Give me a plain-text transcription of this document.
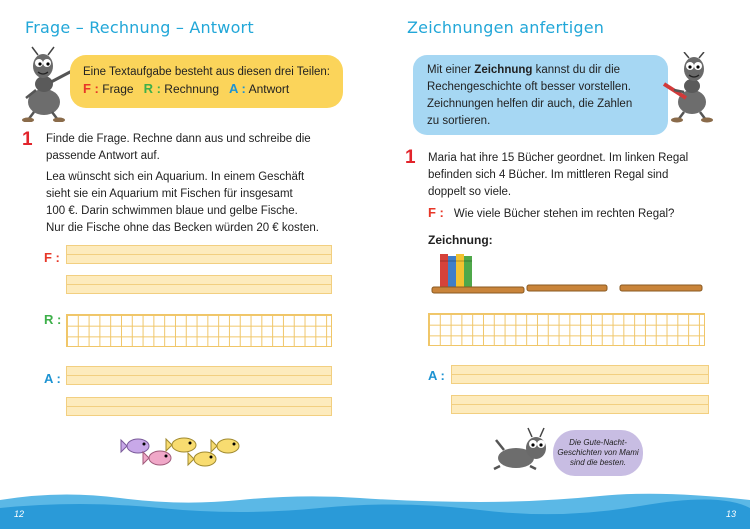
Frage – Rechnung – Antwort
Eine Textaufgabe besteht aus diesen drei Teilen:
F : Frage R : Rechnung A : Antwort
1 Finde die Frage. Rechne dann aus und schreibe die
passende Antwort auf.
Lea wünscht sich ein Aquarium. In einem Geschäft
sieht sie ein Aquarium mit Fischen für insgesamt
100 €. Darin schwimmen blaue und gelbe Fische.
Nur die Fische ohne das Becken würden 20 € kosten.
F :
R :
A :
Zeichnungen anfertigen
Mit einer Zeichnung kannst du dir die
Rechengeschichte oft besser vorstellen.
Zeichnungen helfen dir auch, die Zahlen
zu sortieren.
1 Maria hat ihre 15 Bücher geordnet. Im linken Regal
befinden sich 4 Bücher. Im mittleren Regal sind
doppelt so viele.
F : Wie viele Bücher stehen im rechten Regal?
Zeichnung:
A :
Die Gute-Nacht-
Geschichten von Mami
sind die besten.
12	13
